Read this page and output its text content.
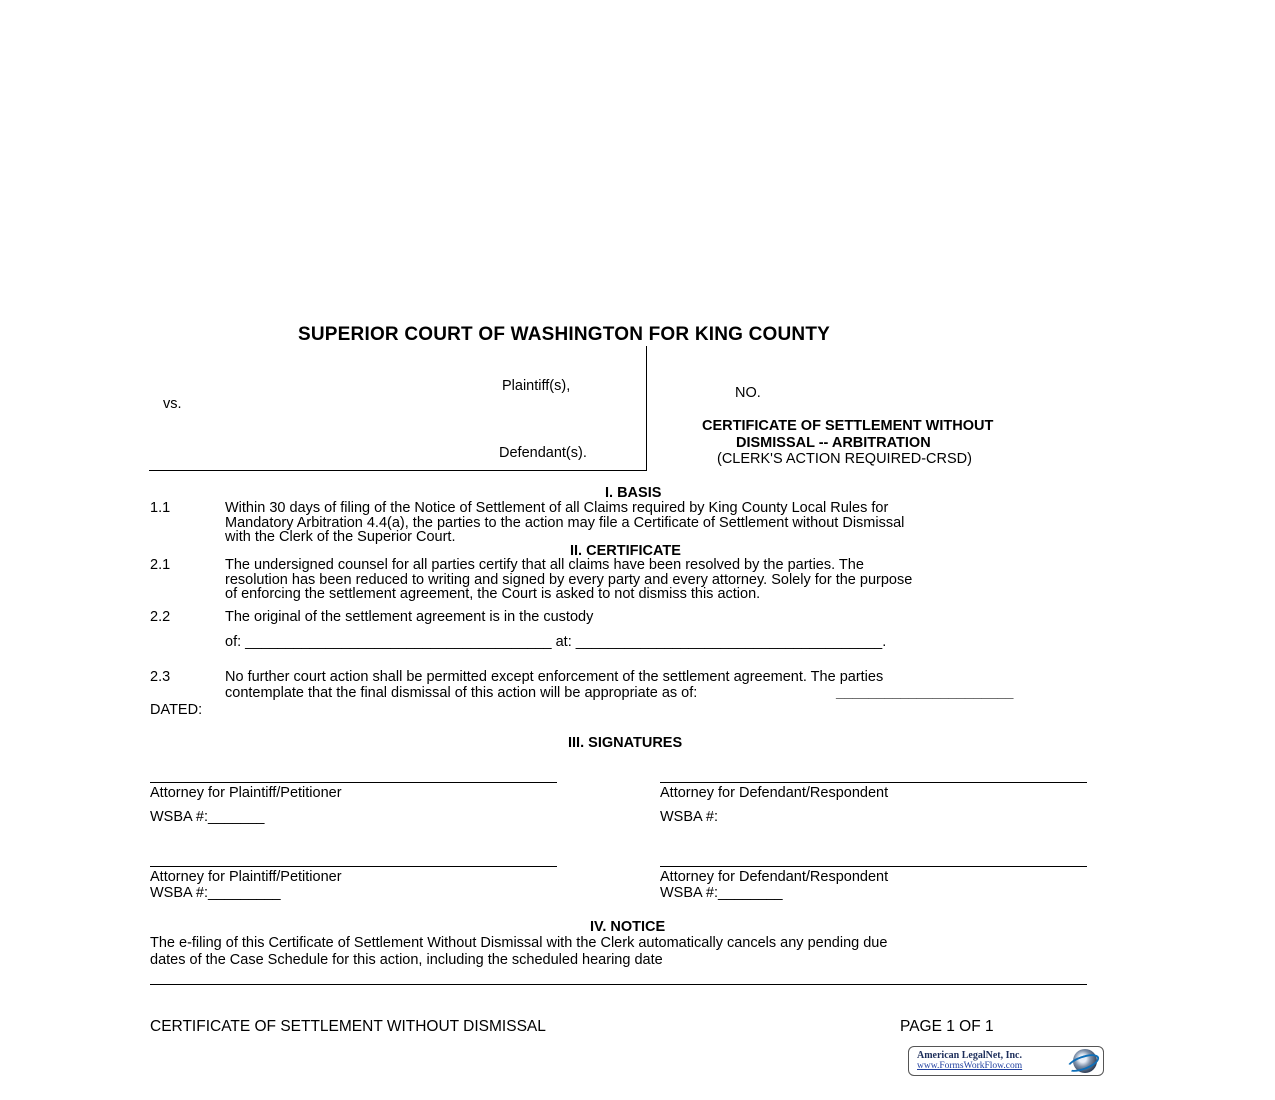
SUPERIOR COURT OF WASHINGTON FOR KING COUNTY
Plaintiff(s),
vs.
Defendant(s).
NO.
CERTIFICATE OF SETTLEMENT WITHOUT
DISMISSAL -- ARBITRATION
(CLERK'S ACTION REQUIRED-CRSD)
I. BASIS
1.1	Within 30 days of filing of the Notice of Settlement of all Claims required by King County Local Rules for
Mandatory Arbitration 4.4(a), the parties to the action may file a Certificate of Settlement without Dismissal
with the Clerk of the Superior Court.
II. CERTIFICATE
2.1	The undersigned counsel for all parties certify that all claims have been resolved by the parties. The
resolution has been reduced to writing and signed by every party and every attorney. Solely for the purpose
of enforcing the settlement agreement, the Court is asked to not dismiss this action.
2.2	The original of the settlement agreement is in the custody
of: ______________________________________ at: ______________________________________.
2.3	No further court action shall be permitted except enforcement of the settlement agreement. The parties
contemplate that the final dismissal of this action will be appropriate as of:	______________________
DATED:
III. SIGNATURES
Attorney for Plaintiff/Petitioner
WSBA #:_______
Attorney for Defendant/Respondent
WSBA #:
Attorney for Plaintiff/Petitioner
WSBA #:_________
Attorney for Defendant/Respondent
WSBA #:________
IV. NOTICE
The e-filing of this Certificate of Settlement Without Dismissal with the Clerk automatically cancels any pending due
dates of the Case Schedule for this action, including the scheduled hearing date
CERTIFICATE OF SETTLEMENT WITHOUT DISMISSAL	PAGE 1 OF 1
American LegalNet, Inc.
www.FormsWorkFlow.com
